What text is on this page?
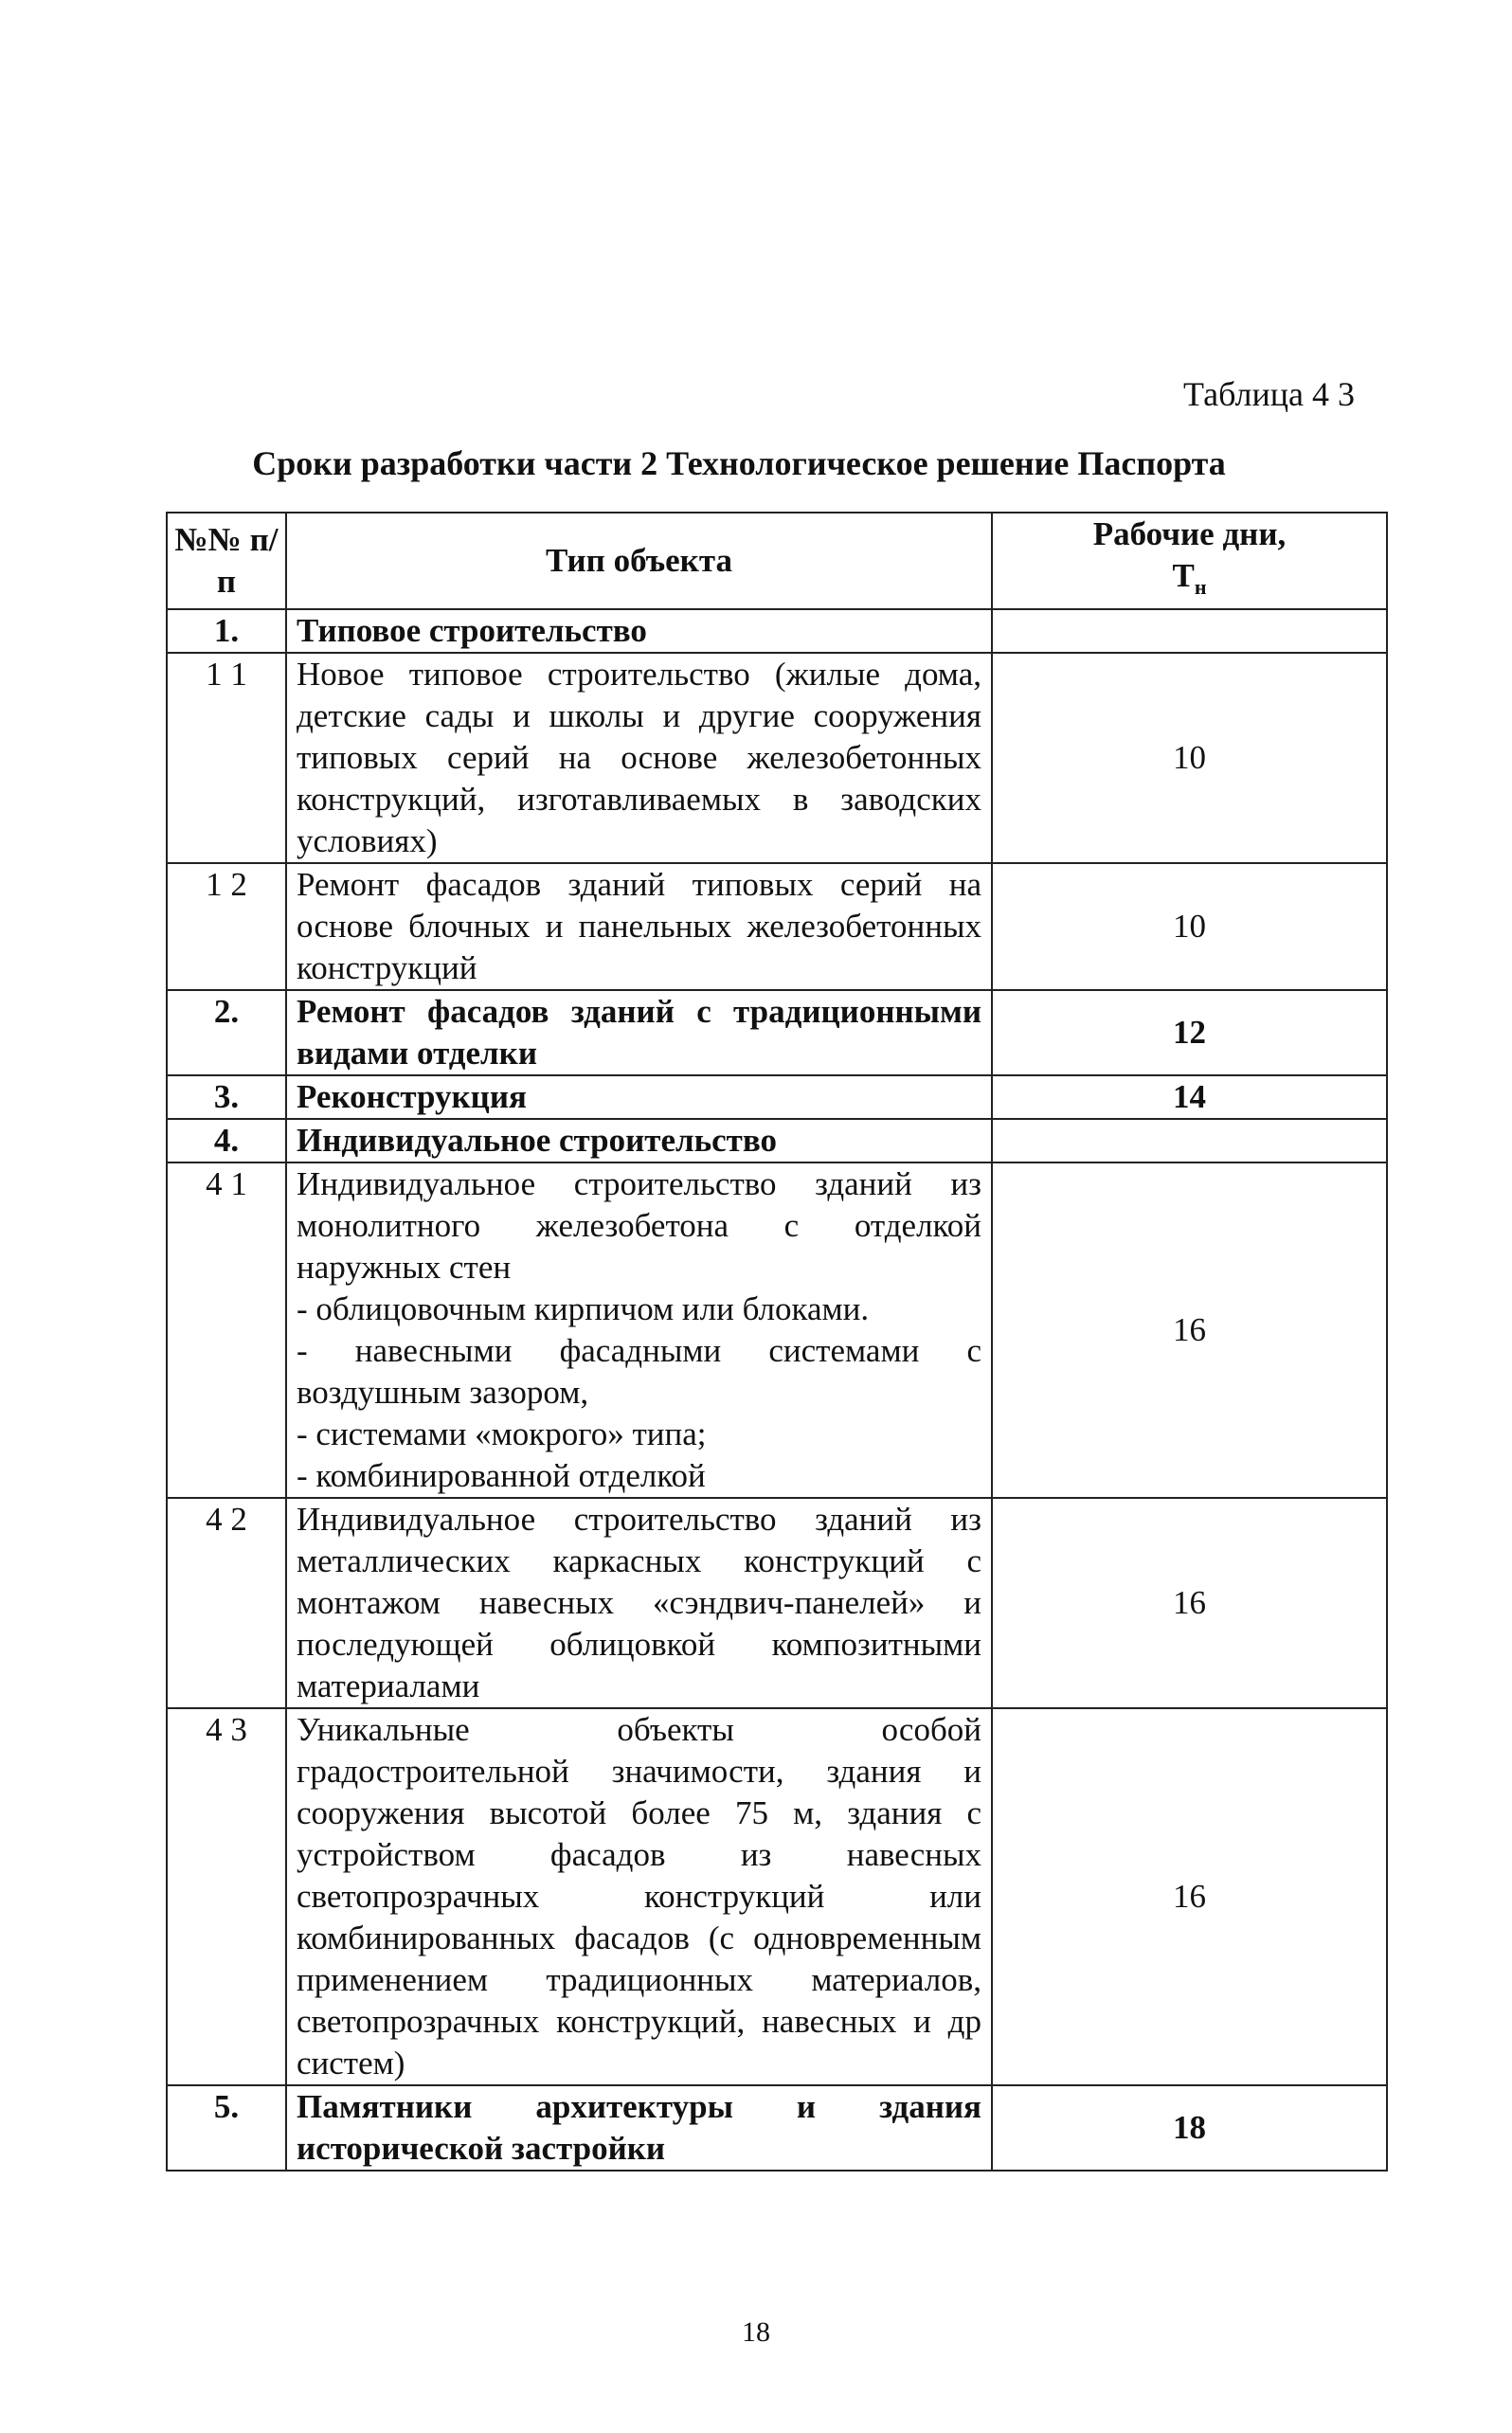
Таблица 4 3
Сроки разработки части 2 Технологическое решение Паспорта
№№ п/п	Тип объекта	Рабочие дни,
$Т_н$

1.	Типовое строительство	
1 1	Новое типовое строительство (жилые дома, детские сады и школы и другие сооружения типовых серий на основе железобетонных конструкций, изготавливаемых в заводских условиях)	10
1 2	Ремонт фасадов зданий типовых серий на основе блочных и панельных железобетонных конструкций	10
2.	Ремонт фасадов зданий с традиционными видами отделки	12
3.	Реконструкция	14
4.	Индивидуальное строительство	
4 1	Индивидуальное строительство зданий из монолитного железобетона с отделкой наружных стен
- облицовочным кирпичом или блоками.
- навесными фасадными системами с воздушным зазором,
- системами «мокрого» типа;
- комбинированной отделкой	16
4 2	Индивидуальное строительство зданий из металлических каркасных конструкций с монтажом навесных «сэндвич-панелей» и последующей облицовкой композитными материалами	16
4 3	Уникальные объекты особой градостроительной значимости, здания и сооружения высотой более 75 м, здания с устройством фасадов из навесных светопрозрачных конструкций или комбинированных фасадов (с одновременным применением традиционных материалов, светопрозрачных конструкций, навесных и др систем)	16
5.	Памятники архитектуры и здания исторической застройки	18
18
